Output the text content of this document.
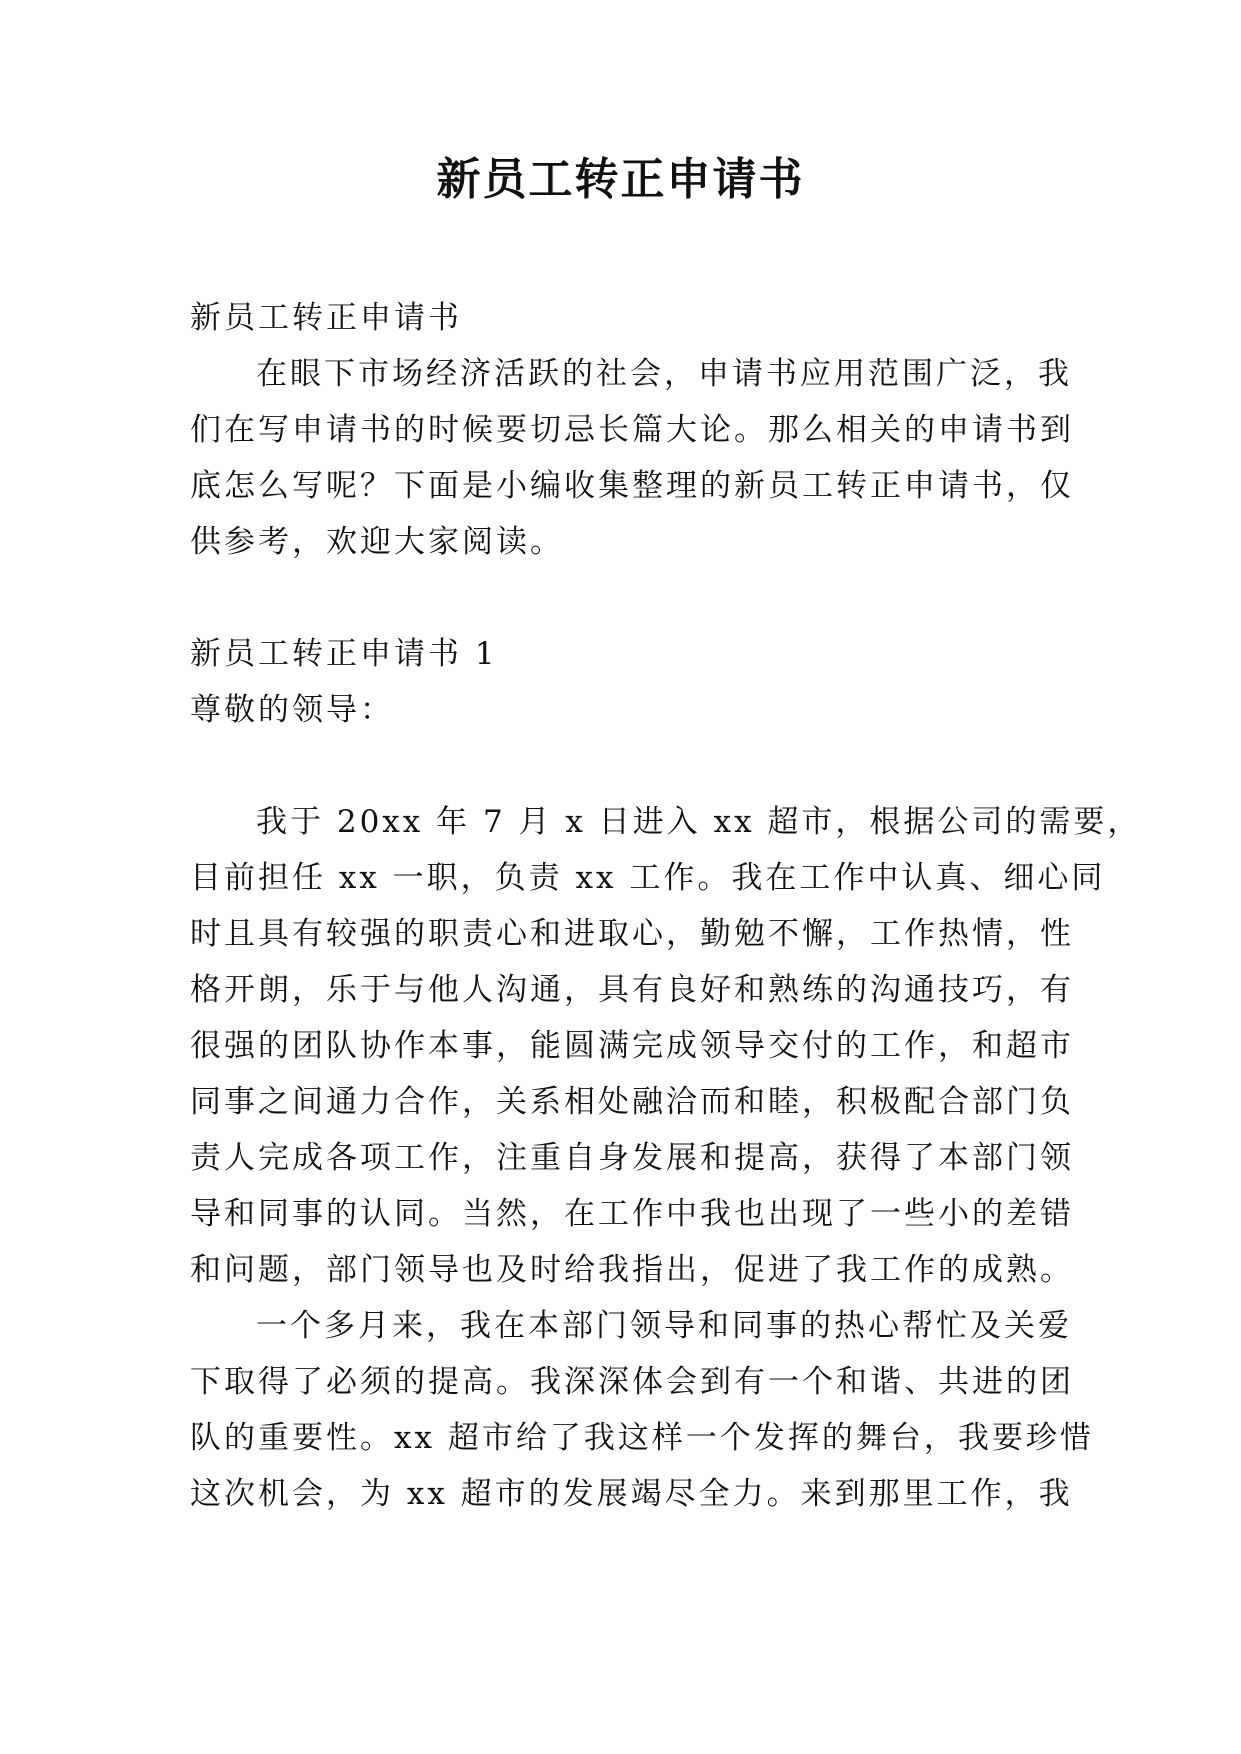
新员工转正申请书

新员工转正申请书

在眼下市场经济活跃的社会，申请书应用范围广泛，我

们在写申请书的时候要切忌长篇大论。那么相关的申请书到

底怎么写呢？下面是小编收集整理的新员工转正申请书，仅

供参考，欢迎大家阅读。

新员工转正申请书 1

尊敬的领导：

我于 20xx 年 7 月 x 日进入 xx 超市，根据公司的需要，

目前担任 xx 一职，负责 xx 工作。我在工作中认真、细心同

时且具有较强的职责心和进取心，勤勉不懈，工作热情，性

格开朗，乐于与他人沟通，具有良好和熟练的沟通技巧，有

很强的团队协作本事，能圆满完成领导交付的工作，和超市

同事之间通力合作，关系相处融洽而和睦，积极配合部门负

责人完成各项工作，注重自身发展和提高，获得了本部门领

导和同事的认同。当然，在工作中我也出现了一些小的差错

和问题，部门领导也及时给我指出，促进了我工作的成熟。

一个多月来，我在本部门领导和同事的热心帮忙及关爱

下取得了必须的提高。我深深体会到有一个和谐、共进的团

队的重要性。xx 超市给了我这样一个发挥的舞台，我要珍惜

这次机会，为 xx 超市的发展竭尽全力。来到那里工作，我
